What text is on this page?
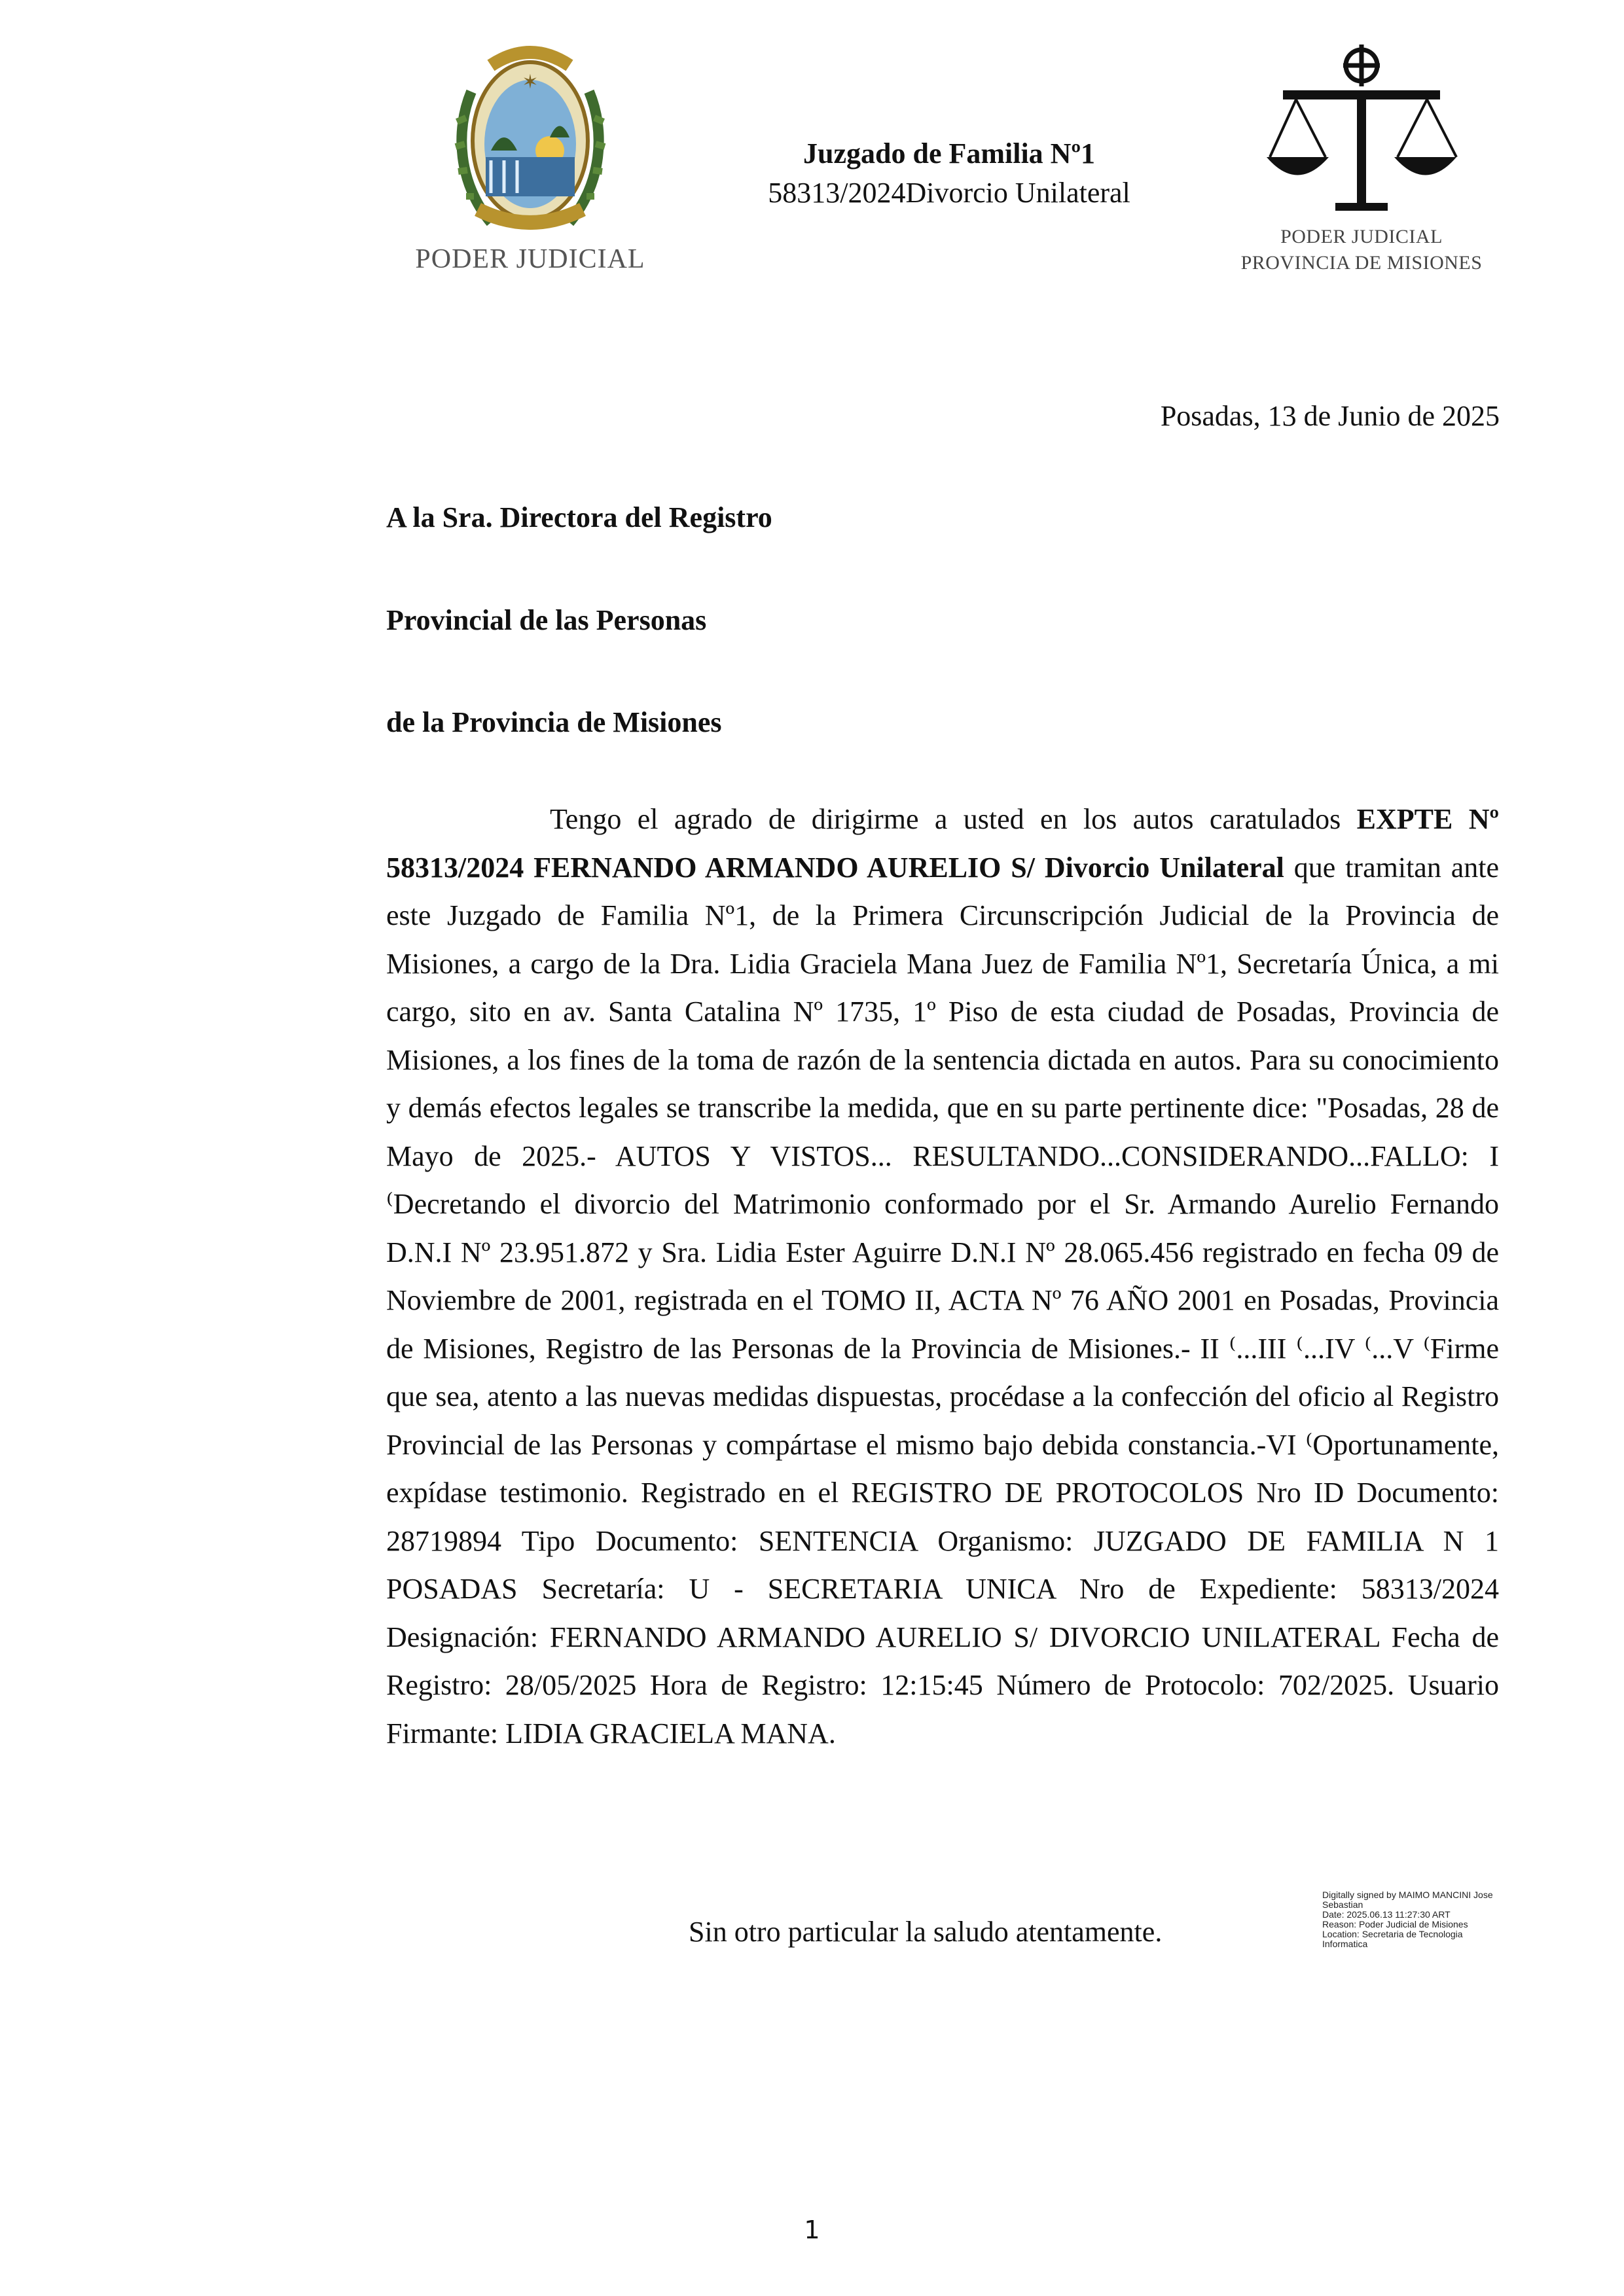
✶
PODER JUDICIAL
Juzgado de Familia Nº1
58313/2024Divorcio Unilateral
PODER JUDICIAL
PROVINCIA DE MISIONES
Posadas, 13 de Junio de 2025
A la Sra. Directora del Registro
Provincial de las Personas
de la Provincia de Misiones
Tengo el agrado de dirigirme a usted en los autos caratulados EXPTE Nº 58313/2024 FERNANDO ARMANDO AURELIO S/ Divorcio Unilateral que tramitan ante este Juzgado de Familia Nº1, de la Primera Circunscripción Judicial de la Provincia de Misiones, a cargo de la Dra. Lidia Graciela Mana Juez de Familia Nº1, Secretaría Única, a mi cargo, sito en av. Santa Catalina Nº 1735, 1º Piso de esta ciudad de Posadas, Provincia de Misiones, a los fines de la toma de razón de la sentencia dictada en autos. Para su conocimiento y demás efectos legales se transcribe la medida, que en su parte pertinente dice: "Posadas, 28 de Mayo de 2025.- AUTOS Y VISTOS... RESULTANDO...CONSIDERANDO...FALLO: I ⁽Decretando el divorcio del Matrimonio conformado por el Sr. Armando Aurelio Fernando D.N.I Nº 23.951.872 y Sra. Lidia Ester Aguirre D.N.I Nº 28.065.456 registrado en fecha 09 de Noviembre de 2001, registrada en el TOMO II, ACTA Nº 76 AÑO 2001 en Posadas, Provincia de Misiones, Registro de las Personas de la Provincia de Misiones.- II ⁽...III ⁽...IV ⁽...V ⁽Firme que sea, atento a las nuevas medidas dispuestas, procédase a la confección del oficio al Registro Provincial de las Personas y compártase el mismo bajo debida constancia.-VI ⁽Oportunamente, expídase testimonio. Registrado en el REGISTRO DE PROTOCOLOS Nro ID Documento: 28719894 Tipo Documento: SENTENCIA Organismo: JUZGADO DE FAMILIA N 1 POSADAS Secretaría: U - SECRETARIA UNICA Nro de Expediente: 58313/2024 Designación: FERNANDO ARMANDO AURELIO S/ DIVORCIO UNILATERAL Fecha de Registro: 28/05/2025 Hora de Registro: 12:15:45 Número de Protocolo: 702/2025. Usuario Firmante: LIDIA GRACIELA MANA.
Sin otro particular la saludo atentamente.
Digitally signed by MAIMO MANCINI Jose
Sebastian
Date: 2025.06.13 11:27:30 ART
Reason: Poder Judicial de Misiones
Location: Secretaria de Tecnologia
Informatica
1
